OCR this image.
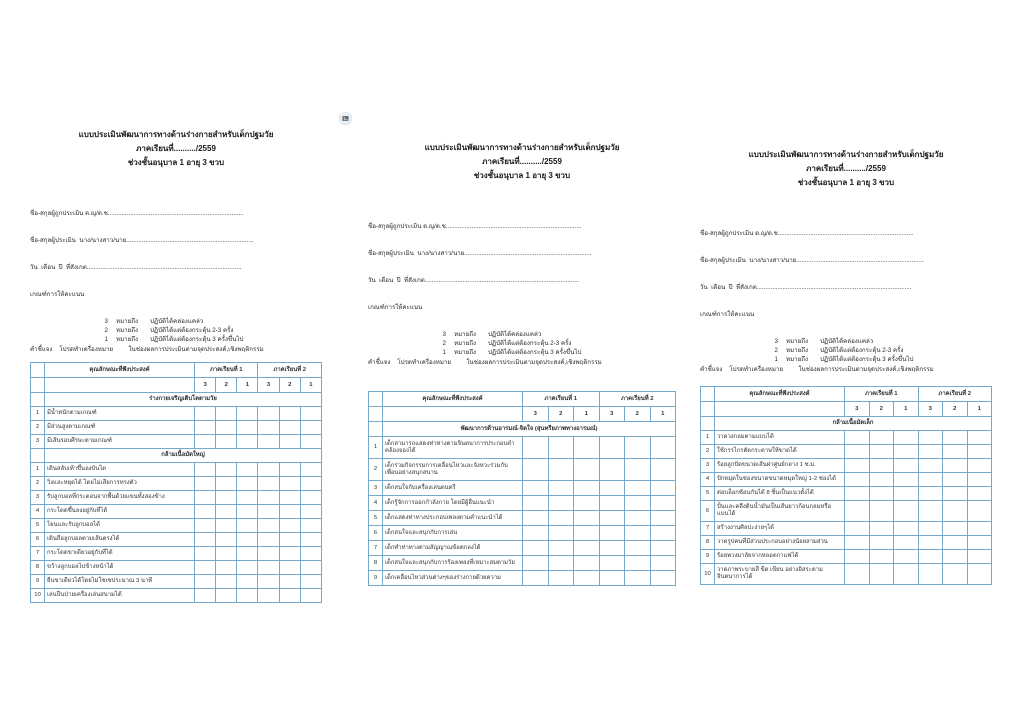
แบบประเมินพัฒนาการทางด้านร่างกายสำหรับเด็กปฐมวัย
ภาคเรียนที่........../2559
ช่วงชั้นอนุบาล 1 อายุ 3 ขวบ

ชื่อ-สกุลผู้ถูกประเมิน ด.ญ/ด.ช...............................................................................

ชื่อ-สกุลผู้ประเมิน  นาง/นางสาว/นาย..........................................................................

วัน  เดือน  ปี  ที่สังเกต..........................................................................................

เกณฑ์การให้คะแนน

3 หมายถึง	ปฏิบัติได้คล่องแคล่ว
2 หมายถึง	ปฏิบัติได้แต่ต้องกระตุ้น 2-3 ครั้ง
1 หมายถึง	ปฏิบัติได้แต่ต้องกระตุ้น 3 ครั้งขึ้นไป
คำชี้แจง    โปรดทำเครื่องหมาย         ในช่องผลการประเมินตามจุดประสงค์,เชิงพฤติกรรม
	คุณลักษณะที่พึงประสงค์	ภาคเรียนที่ 1			ภาคเรียนที่ 2		
		3	2	1	3	2	1
	ร่างกายเจริญเติบโตตามวัย						
1	มีน้ำหนักตามเกณฑ์						
2	มีส่วนสูงตามเกณฑ์						
3	มีเส้นรอบศีรษะตามเกณฑ์						
	กล้ามเนื้อมัดใหญ่						
1	เดินสลับเท้าขึ้นลงบันได						
2	วิ่งและหยุดได้ โดยไม่เสียการทรงตัว						
3	รับลูกบอลที่กระดอนจากพื้นด้วยแขนทั้งสองข้าง						
4	กระโดดขึ้นลงอยู่กับที่ได้						
5	โยนและรับลูกบอลได้						
6	เดินถือลูกบอลตามเส้นตรงได้						
7	กระโดดขาเดียวอยู่กับที่ได้						
8	ขว้างลูกบอลไปข้างหน้าได้						
9	ยืนขาเดียวได้โดยไม่โซเซประมาณ 3 นาที						
10	เล่นปีนป่ายเครื่องเล่นสนามได้						
แบบประเมินพัฒนาการทางด้านร่างกายสำหรับเด็กปฐมวัย
ภาคเรียนที่........../2559
ช่วงชั้นอนุบาล 1 อายุ 3 ขวบ

ชื่อ-สกุลผู้ถูกประเมิน ด.ญ/ด.ช...............................................................................

ชื่อ-สกุลผู้ประเมิน  นาง/นางสาว/นาย..........................................................................

วัน  เดือน  ปี  ที่สังเกต..........................................................................................

เกณฑ์การให้คะแนน

3 หมายถึง	ปฏิบัติได้คล่องแคล่ว
2 หมายถึง	ปฏิบัติได้แต่ต้องกระตุ้น 2-3 ครั้ง
1 หมายถึง	ปฏิบัติได้แต่ต้องกระตุ้น 3 ครั้งขึ้นไป
คำชี้แจง    โปรดทำเครื่องหมาย         ในช่องผลการประเมินตามจุดประสงค์,เชิงพฤติกรรม
	คุณลักษณะที่พึงประสงค์	ภาคเรียนที่ 1			ภาคเรียนที่ 2		
		3	2	1	3	2	1
	พัฒนาการด้านอารมณ์-จิตใจ (สุนทรียภาพทางอารมณ์)						
1	เด็กสามารถแสดงท่าทางตามจินตนาการประกอบคำคล้องจองได้						
2	เด็กร่วมกิจกรรมการเคลื่อนไหวและจังหวะร่วมกับเพื่อนอย่างสนุกสนาน						
3	เด็กสนใจกับเครื่องเล่นดนตรี						
4	เด็กรู้จักการออกกำลังกาย โดยมีผู้อื่นแนะนำ						
5	เด็กแสดงท่าทางประกอบเพลงตามคำแนะนำได้						
6	เด็กสนใจและสนุกกับการเล่น						
7	เด็กทำท่าทางตามสัญญาณข้อตกลงได้						
8	เด็กสนใจและสนุกกับการร้องเพลงที่เหมาะสมตามวัย						
9	เด็กเคลื่อนไหวส่วนต่างๆของร่างกายด้วยความ						
แบบประเมินพัฒนาการทางด้านร่างกายสำหรับเด็กปฐมวัย
ภาคเรียนที่........../2559
ช่วงชั้นอนุบาล 1 อายุ 3 ขวบ

ชื่อ-สกุลผู้ถูกประเมิน ด.ญ/ด.ช...............................................................................

ชื่อ-สกุลผู้ประเมิน  นาง/นางสาว/นาย..........................................................................

วัน  เดือน  ปี  ที่สังเกต..........................................................................................

เกณฑ์การให้คะแนน

3 หมายถึง	ปฏิบัติได้คล่องแคล่ว
2 หมายถึง	ปฏิบัติได้แต่ต้องกระตุ้น 2-3 ครั้ง
1 หมายถึง	ปฏิบัติได้แต่ต้องกระตุ้น 3 ครั้งขึ้นไป
คำชี้แจง    โปรดทำเครื่องหมาย         ในช่องผลการประเมินตามจุดประสงค์,เชิงพฤติกรรม
	คุณลักษณะที่พึงประสงค์	ภาคเรียนที่ 1			ภาคเรียนที่ 2		
		3	2	1	3	2	1
	กล้ามเนื้อมัดเล็ก						
1	วาดวงกลมตามแบบได้						
2	ใช้กรรไกรตัดกระดาษให้ขาดได้						
3	ร้อยลูกปัดขนาดเส้นผ่าศูนย์กลาง 1 ซ.ม.						
4	ปักหมุดในช่องขนาดขนาดหมุดใหญ่ 1-2 ช่องได้						
5	ต่อบล็อกซ้อนกันได้ 8 ชิ้นเป็นแนวตั้งได้						
6	ปั้นและคลึงดินน้ำมันเป็นเส้นยาวก้อนกลมหรือแบนได้						
7	สร้างงานศิลปะง่ายๆได้						
8	วาดรูปคนที่มีส่วนประกอบอย่างน้อยสามส่วน						
9	ร้อยพวงมาลัยจากหลอดกาแฟได้						
10	วาดภาพระบายสี ขีด เขียน อย่างอิสระตามจินตนาการได้						
